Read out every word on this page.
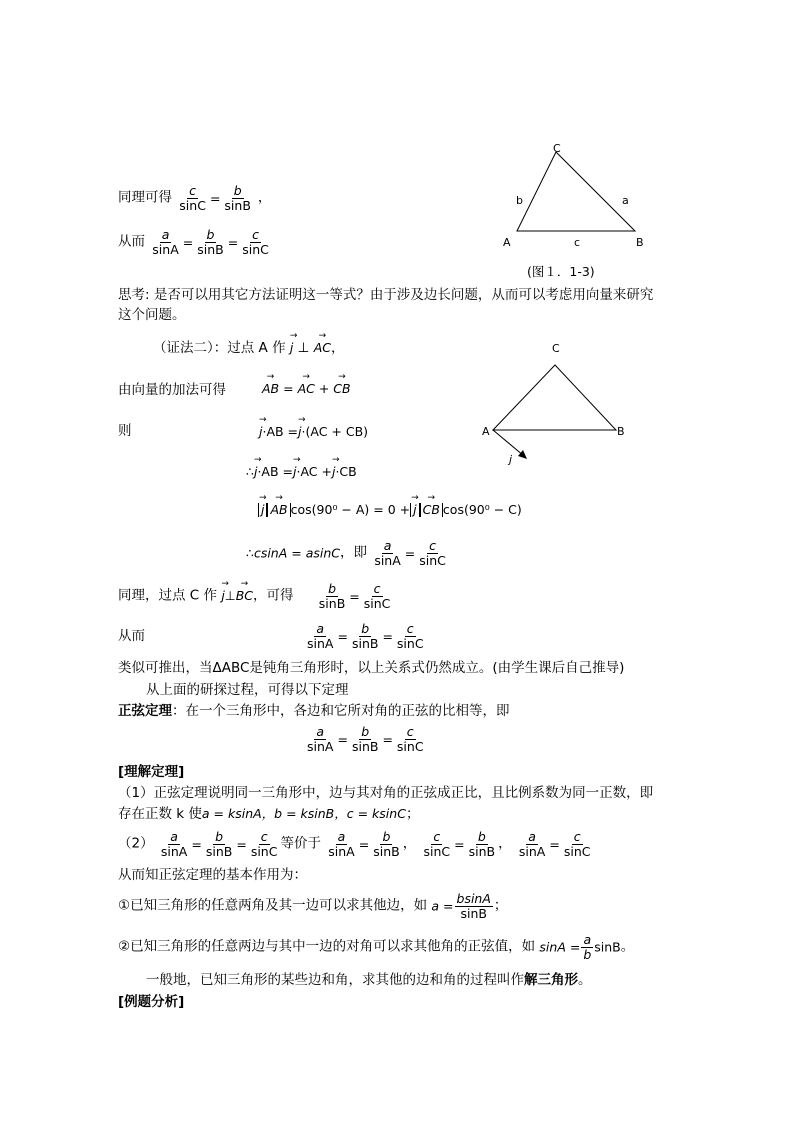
C
b	a
A	c	B
(图１．1-3)
同理可得 $\frac{c}{\sin C} = \frac{b}{\sin B}$ ，
从而 $\frac{a}{\sin A} = \frac{b}{\sin B} = \frac{c}{\sin C}$
思考: 是否可以用其它方法证明这一等式？由于涉及边长问题，从而可以考虑用向量来研究
这个问题。
（证法二）：过点 A 作 → j ⊥ → AC，	C
A	B
j
由向量的加法可得	→ AB = → AC + → CB
则	→ j·AB =→ j·(AC + CB)
∴→ j·AB =→ j·AC +→ j·CB
→ j → AB cos(90⁰ − A) = 0 + → j → CB cos(90⁰ − C)
∴csinA = asinC，即 $\frac{a}{\sin A} = \frac{c}{\sin C}$
同理，过点 C 作 → j⊥→ BC，可得 $\frac{b}{\sin B} = \frac{c}{\sin C}$
从而	$\frac{a}{\sin A} = \frac{b}{\sin B} = \frac{c}{\sin C}$
类似可推出，当ΔABC是钝角三角形时，以上关系式仍然成立。(由学生课后自己推导)
从上面的研探过程，可得以下定理
正弦定理：在一个三角形中，各边和它所对角的正弦的比相等，即
$\frac{a}{\sin A} = \frac{b}{\sin B} = \frac{c}{\sin C}$
[理解定理]
（1）正弦定理说明同一三角形中，边与其对角的正弦成正比，且比例系数为同一正数，即
存在正数 k 使a = ksinA，b = ksinB，c = ksinC；
$(2) \frac{a}{\sin A} = \frac{b}{\sin B} = \frac{c}{\sin C}$ 等价于 $\frac{a}{\sin A} = \frac{b}{\sin B}$ ， $\frac{c}{\sin C} = \frac{b}{\sin B}$ ， $\frac{a}{\sin A} = \frac{c}{\sin C}$
从而知正弦定理的基本作用为：
①已知三角形的任意两角及其一边可以求其他边，如 $a = \frac{bsinA}{\sin B}$ ；
②已知三角形的任意两边与其中一边的对角可以求其他角的正弦值，如 $\sin A = \frac{a}{b}$ sinB。
一般地，已知三角形的某些边和角，求其他的边和角的过程叫作解三角形。
[例题分析]
